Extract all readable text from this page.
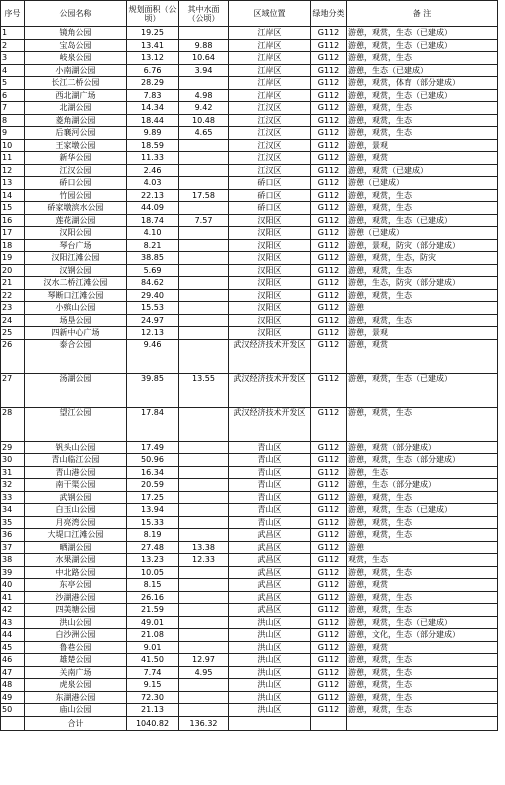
序号	公园名称	规划面积（公顷）	其中水面（公顷）	区域位置	绿地分类	备 注
1	镜角公园	19.25		江岸区	G112	游憩，观赏，生态（已建成）
2	宝岛公园	13.41	9.88	江岸区	G112	游憩，观赏，生态（已建成）
3	岐泉公园	13.12	10.64	江岸区	G112	游憩，观赏，生态
4	小南湖公园	6.76	3.94	江岸区	G112	游憩，生态（已建成）
5	长江二桥公园	28.29		江岸区	G112	游憩，观赏，体育（部分建成）
6	西北湖广场	7.83	4.98	江岸区	G112	游憩，观赏，生态（已建成）
7	北湖公园	14.34	9.42	江汉区	G112	游憩，观赏，生态
8	菱角湖公园	18.44	10.48	江汉区	G112	游憩，观赏，生态
9	后襄河公园	9.89	4.65	江汉区	G112	游憩，观赏，生态
10	王家墩公园	18.59		江汉区	G112	游憩，景观
11	新华公园	11.33		江汉区	G112	游憩，观赏
12	江汉公园	2.46		江汉区	G112	游憩，观赏（已建成）
13	硚口公园	4.03		硚口区	G112	游憩（已建成）
14	竹园公园	22.13	17.58	硚口区	G112	游憩，观赏，生态
15	硚家墩滨水公园	44.09		硚口区	G112	游憩，观赏，生态
16	莲花湖公园	18.74	7.57	汉阳区	G112	游憩，观赏，生态（已建成）
17	汉阳公园	4.10		汉阳区	G112	游憩（已建成）
18	琴台广场	8.21		汉阳区	G112	游憩，景观，防灾（部分建成）
19	汉阳江滩公园	38.85		汉阳区	G112	游憩，观赏，生态，防灾
20	汉钢公园	5.69		汉阳区	G112	游憩，观赏，生态
21	汉水二桥江滩公园	84.62		汉阳区	G112	游憩，生态，防灾（部分建成）
22	琴断口江滩公园	29.40		汉阳区	G112	游憩，观赏，生态
23	小殡山公园	15.53		汉阳区	G112	游憩
24	场垦公园	24.97		汉阳区	G112	游憩，观赏，生态
25	四新中心广场	12.13		汉阳区	G112	游憩，景观
26	泰合公园	9.46		武汉经济技术开发区	G112	游憩，观赏
27	汤湖公园	39.85	13.55	武汉经济技术开发区	G112	游憩，观赏，生态（已建成）
28	望江公园	17.84		武汉经济技术开发区	G112	游憩，观赏，生态
29	钒头山公园	17.49		青山区	G112	游憩，观赏（部分建成）
30	青山临江公园	50.96		青山区	G112	游憩，观赏，生态（部分建成）
31	青山港公园	16.34		青山区	G112	游憩，生态
32	南干渠公园	20.59		青山区	G112	游憩，生态（部分建成）
33	武钢公园	17.25		青山区	G112	游憩，观赏，生态
34	白玉山公园	13.94		青山区	G112	游憩，观赏，生态（已建成）
35	月亮湾公园	15.33		青山区	G112	游憩，观赏，生态
36	大堤口江滩公园	8.19		武昌区	G112	游憩，观赏，生态
37	晒湖公园	27.48	13.38	武昌区	G112	游憩
38	水果湖公园	13.23	12.33	武昌区	G112	观赏，生态
39	中北路公园	10.05		武昌区	G112	游憩，观赏，生态
40	东亭公园	8.15		武昌区	G112	游憩，观赏
41	沙湖港公园	26.16		武昌区	G112	游憩，观赏，生态
42	四美塘公园	21.59		武昌区	G112	游憩，观赏，生态
43	洪山公园	49.01		洪山区	G112	游憩，观赏，生态（已建成）
44	白沙洲公园	21.08		洪山区	G112	游憩，文化，生态（部分建成）
45	鲁巷公园	9.01		洪山区	G112	游憩，观赏
46	雄楚公园	41.50	12.97	洪山区	G112	游憩，观赏，生态
47	关南广场	7.74	4.95	洪山区	G112	游憩，观赏，生态
48	虎泉公园	9.15		洪山区	G112	游憩，观赏，生态
49	东湖港公园	72.30		洪山区	G112	游憩，观赏，生态
50	庙山公园	21.13		洪山区	G112	游憩，观赏，生态
	合计	1040.82	136.32			
